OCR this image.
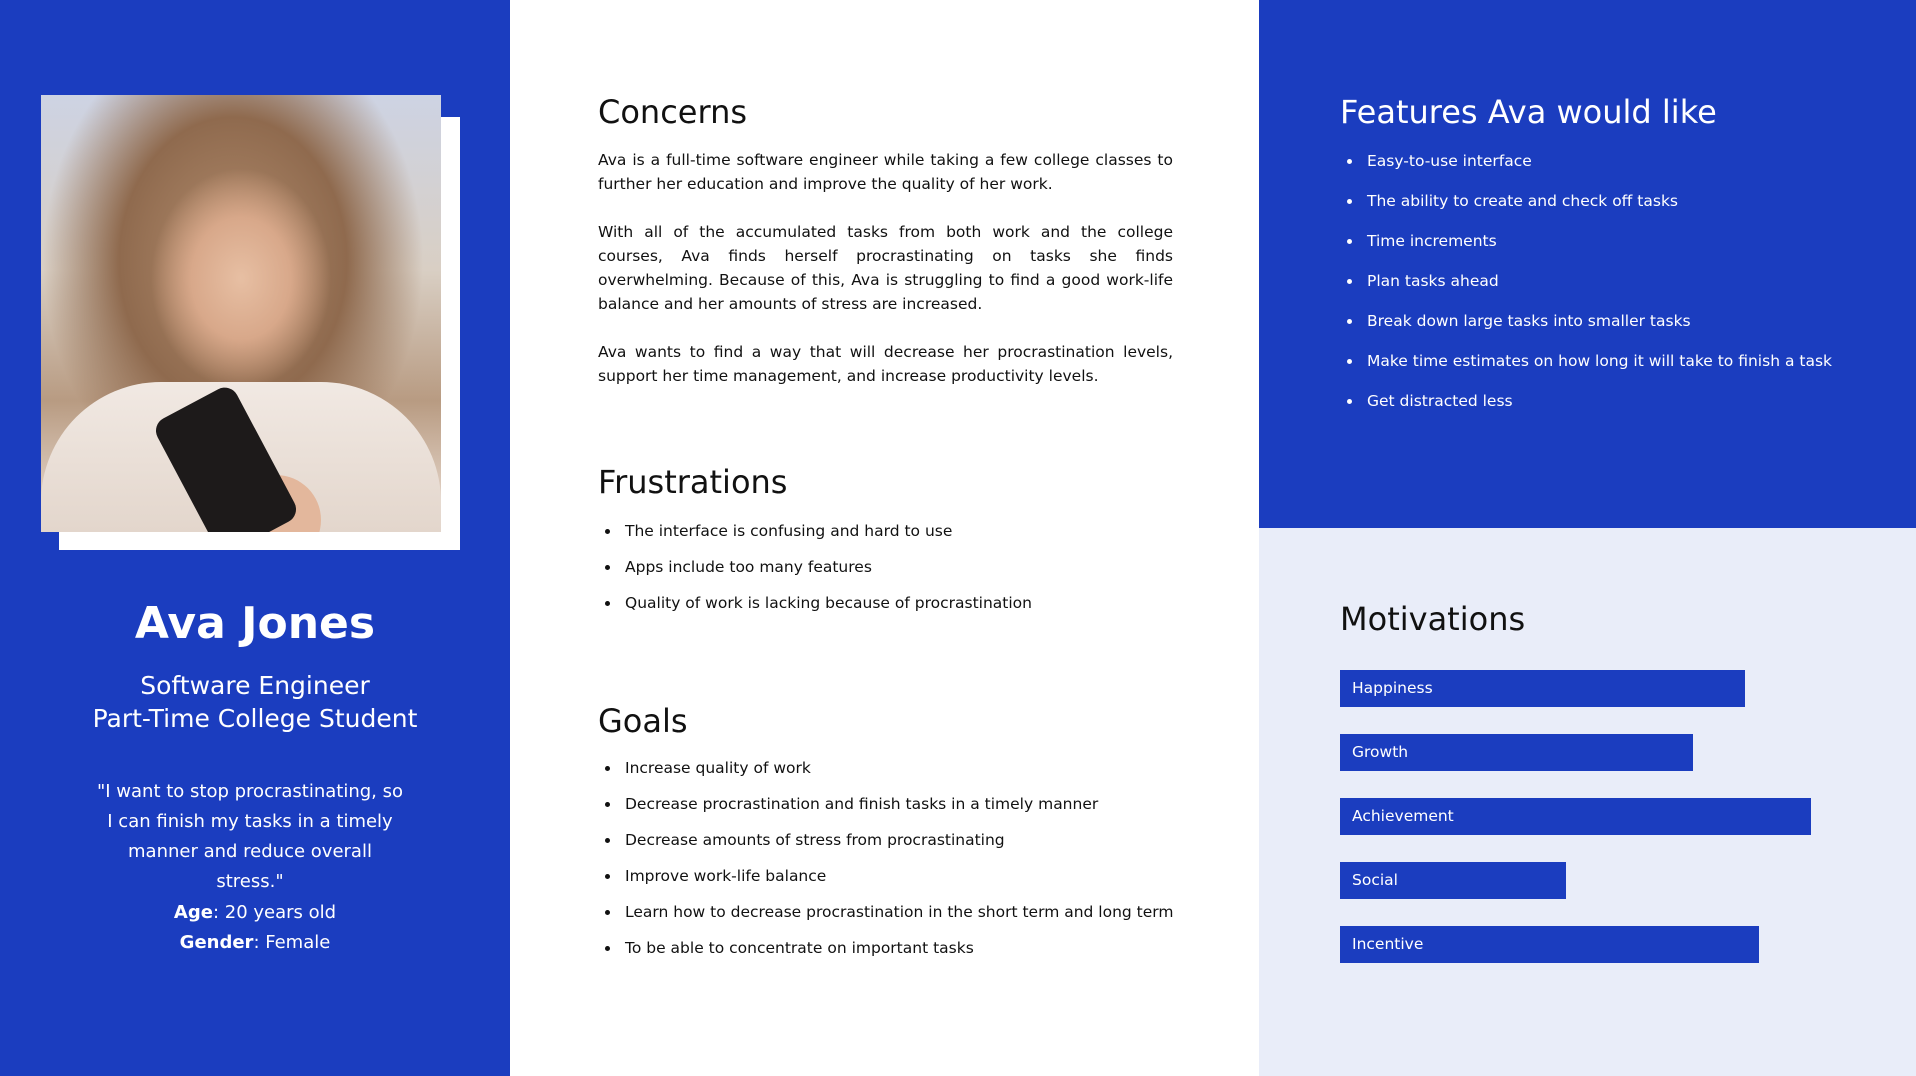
Ava Jones
Software Engineer
Part-Time College Student
"I want to stop procrastinating, so I can finish my tasks in a timely manner and reduce overall stress."
Age: 20 years old
Gender: Female
Concerns

Ava is a full-time software engineer while taking a few college classes to further her education and improve the quality of her work.

With all of the accumulated tasks from both work and the college courses, Ava finds herself procrastinating on tasks she finds overwhelming. Because of this, Ava is struggling to find a good work-life balance and her amounts of stress are increased.

Ava wants to find a way that will decrease her procrastination levels, support her time management, and increase productivity levels.

Frustrations
The interface is confusing and hard to use
Apps include too many features
Quality of work is lacking because of procrastination
Goals
Increase quality of work
Decrease procrastination and finish tasks in a timely manner
Decrease amounts of stress from procrastinating
Improve work-life balance
Learn how to decrease procrastination in the short term and long term
To be able to concentrate on important tasks
Features Ava would like
Easy-to-use interface
The ability to create and check off tasks
Time increments
Plan tasks ahead
Break down large tasks into smaller tasks
Make time estimates on how long it will take to finish a task
Get distracted less
Motivations
Happiness
Growth
Achievement
Social
Incentive
